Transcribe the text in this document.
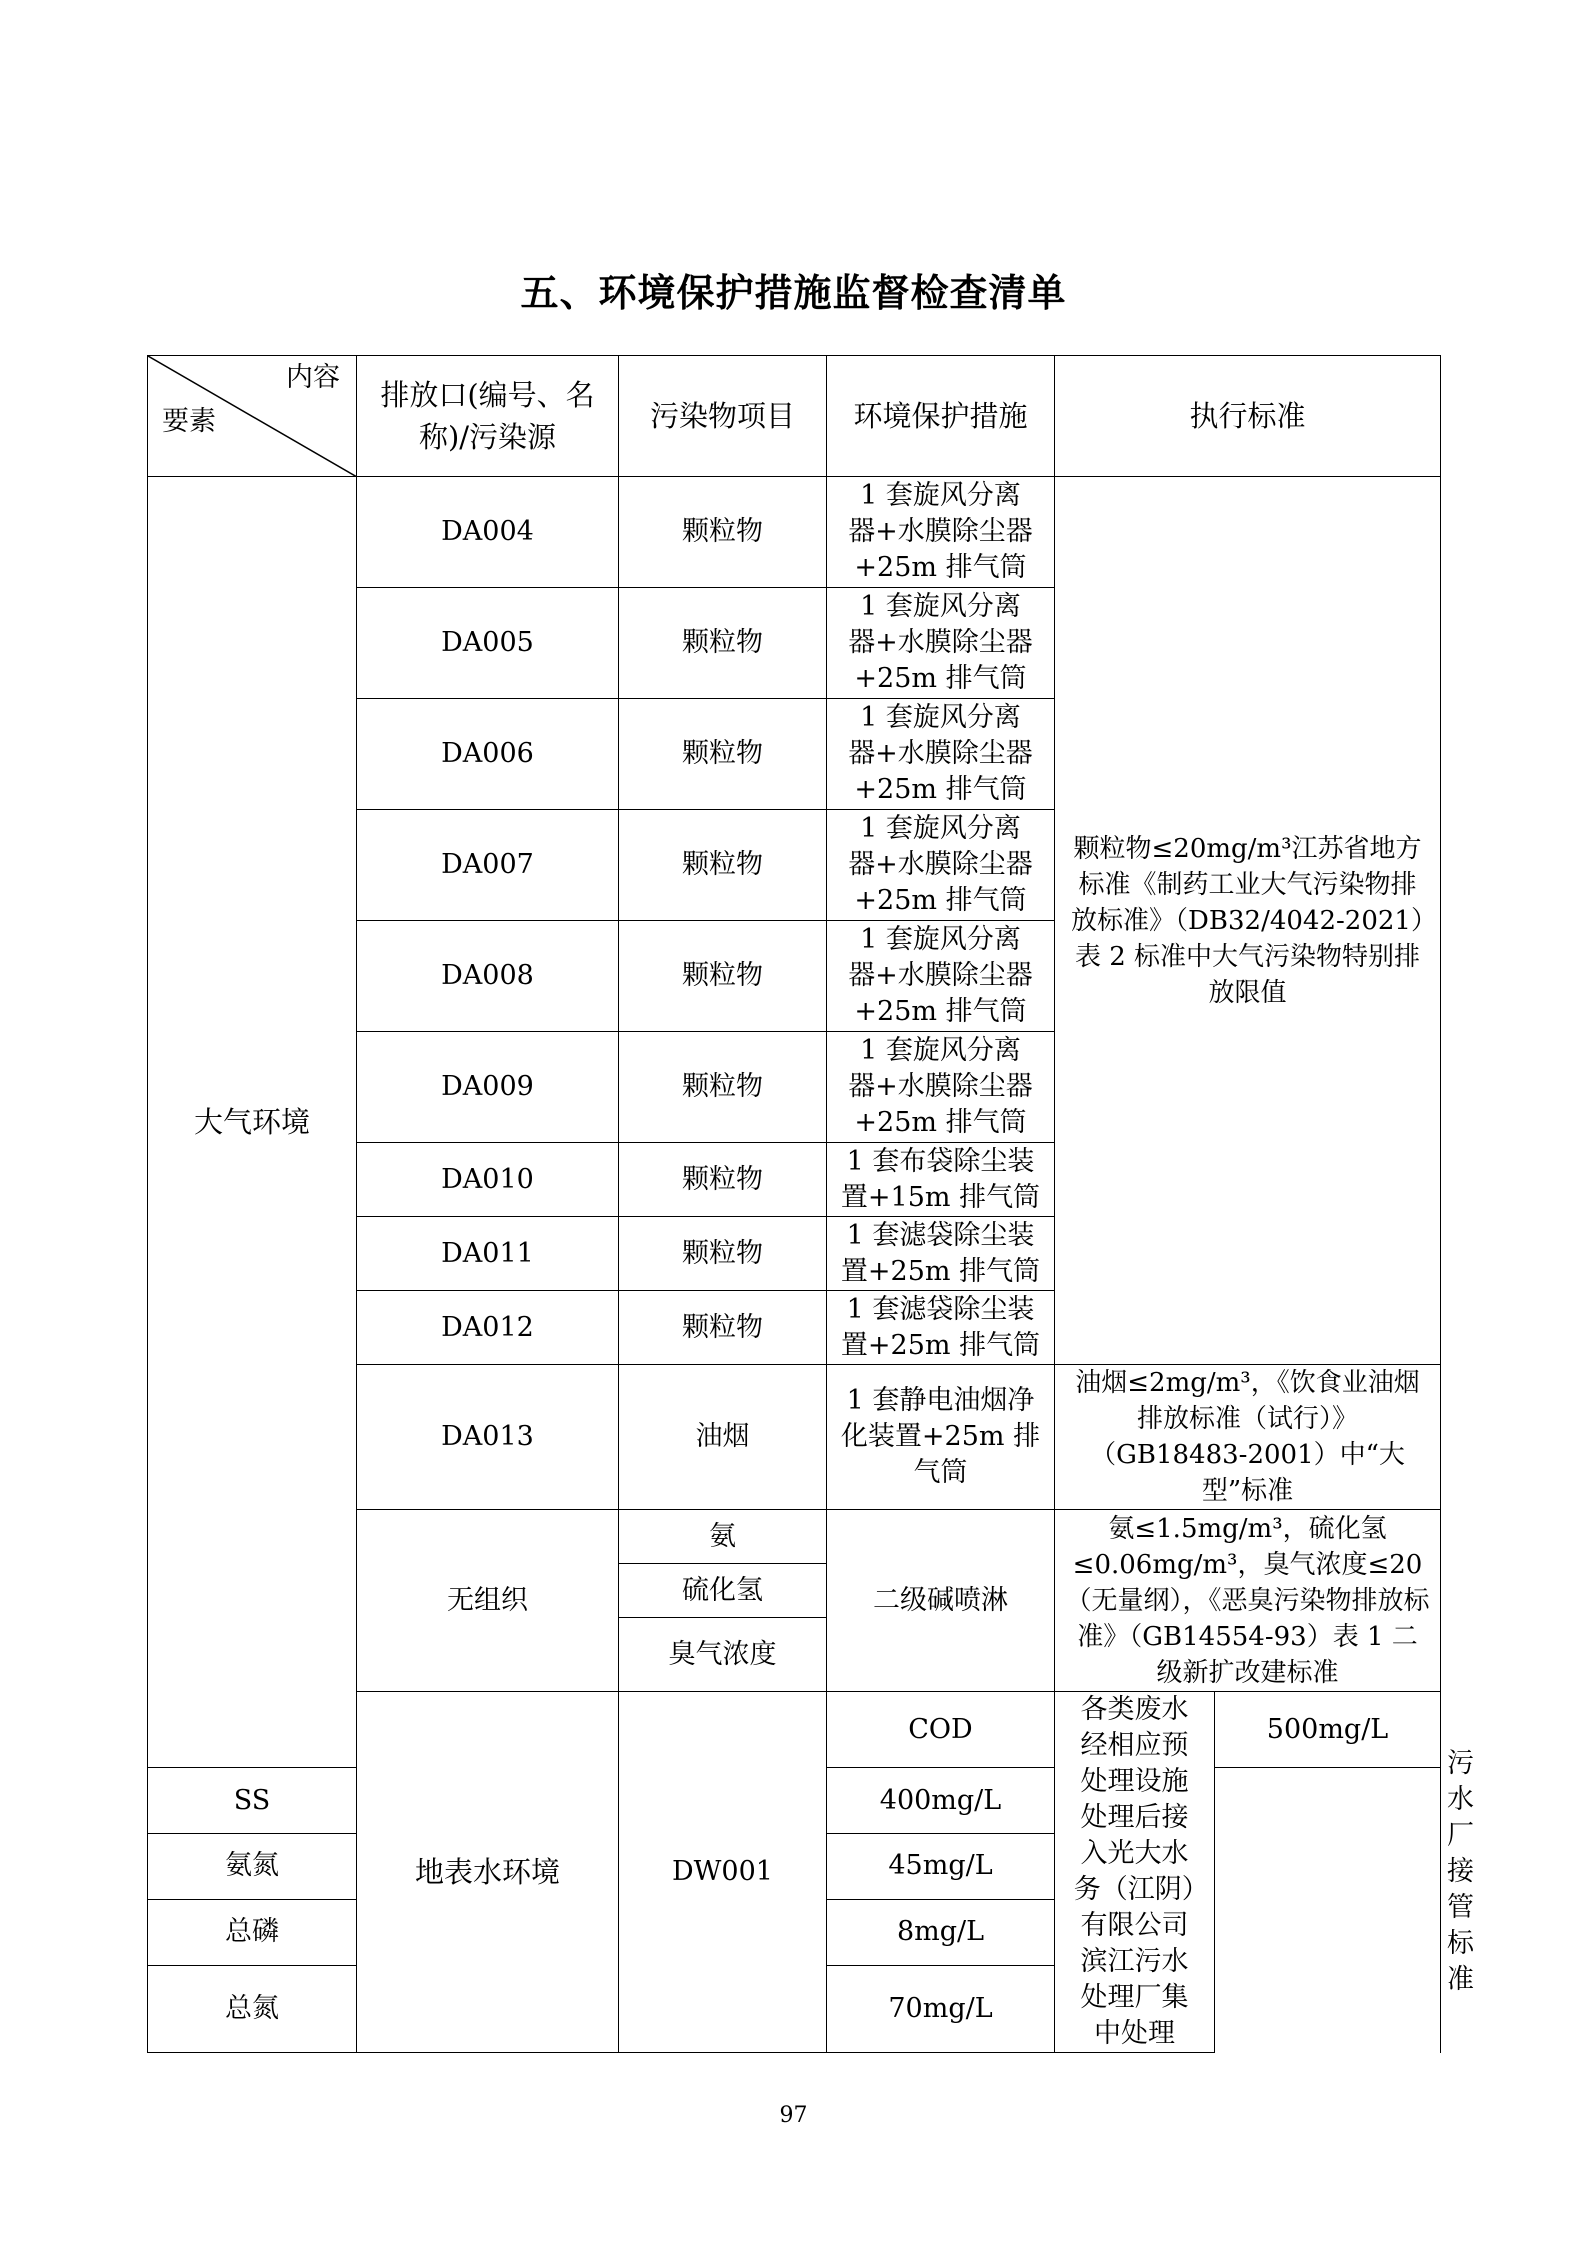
五、环境保护措施监督检查清单
内容
要素	排放口(编号、名称)/污染源	污染物项目	环境保护措施	执行标准		
大气环境	DA004	颗粒物	1 套旋风分离器+水膜除尘器+25m 排气筒	颗粒物≤20mg/m³江苏省地方标准《制药工业大气污染物排放标准》（DB32/4042-2021）表 2 标准中大气污染物特别排放限值		
	DA005	颗粒物	1 套旋风分离器+水膜除尘器+25m 排气筒			
	DA006	颗粒物	1 套旋风分离器+水膜除尘器+25m 排气筒			
	DA007	颗粒物	1 套旋风分离器+水膜除尘器+25m 排气筒			
	DA008	颗粒物	1 套旋风分离器+水膜除尘器+25m 排气筒			
	DA009	颗粒物	1 套旋风分离器+水膜除尘器+25m 排气筒			
	DA010	颗粒物	1 套布袋除尘装置+15m 排气筒			
	DA011	颗粒物	1 套滤袋除尘装置+25m 排气筒			
	DA012	颗粒物	1 套滤袋除尘装置+25m 排气筒			
	DA013	油烟	1 套静电油烟净化装置+25m 排气筒	油烟≤2mg/m³，《饮食业油烟排放标准（试行）》（GB18483-2001）中“大型”标准		
	无组织	氨	二级碱喷淋	氨≤1.5mg/m³，硫化氢≤0.06mg/m³，臭气浓度≤20（无量纲），《恶臭污染物排放标准》（GB14554-93）表 1 二级新扩改建标准		
		硫化氢				
		臭气浓度				
	地表水环境	DW001	COD	各类废水经相应预处理设施处理后接入光大水务（江阴）有限公司滨江污水处理厂集中处理	500mg/L	污水厂接管标准
SS			400mg/L			
氨氮			45mg/L			
总磷			8mg/L			
总氮			70mg/L			
97
